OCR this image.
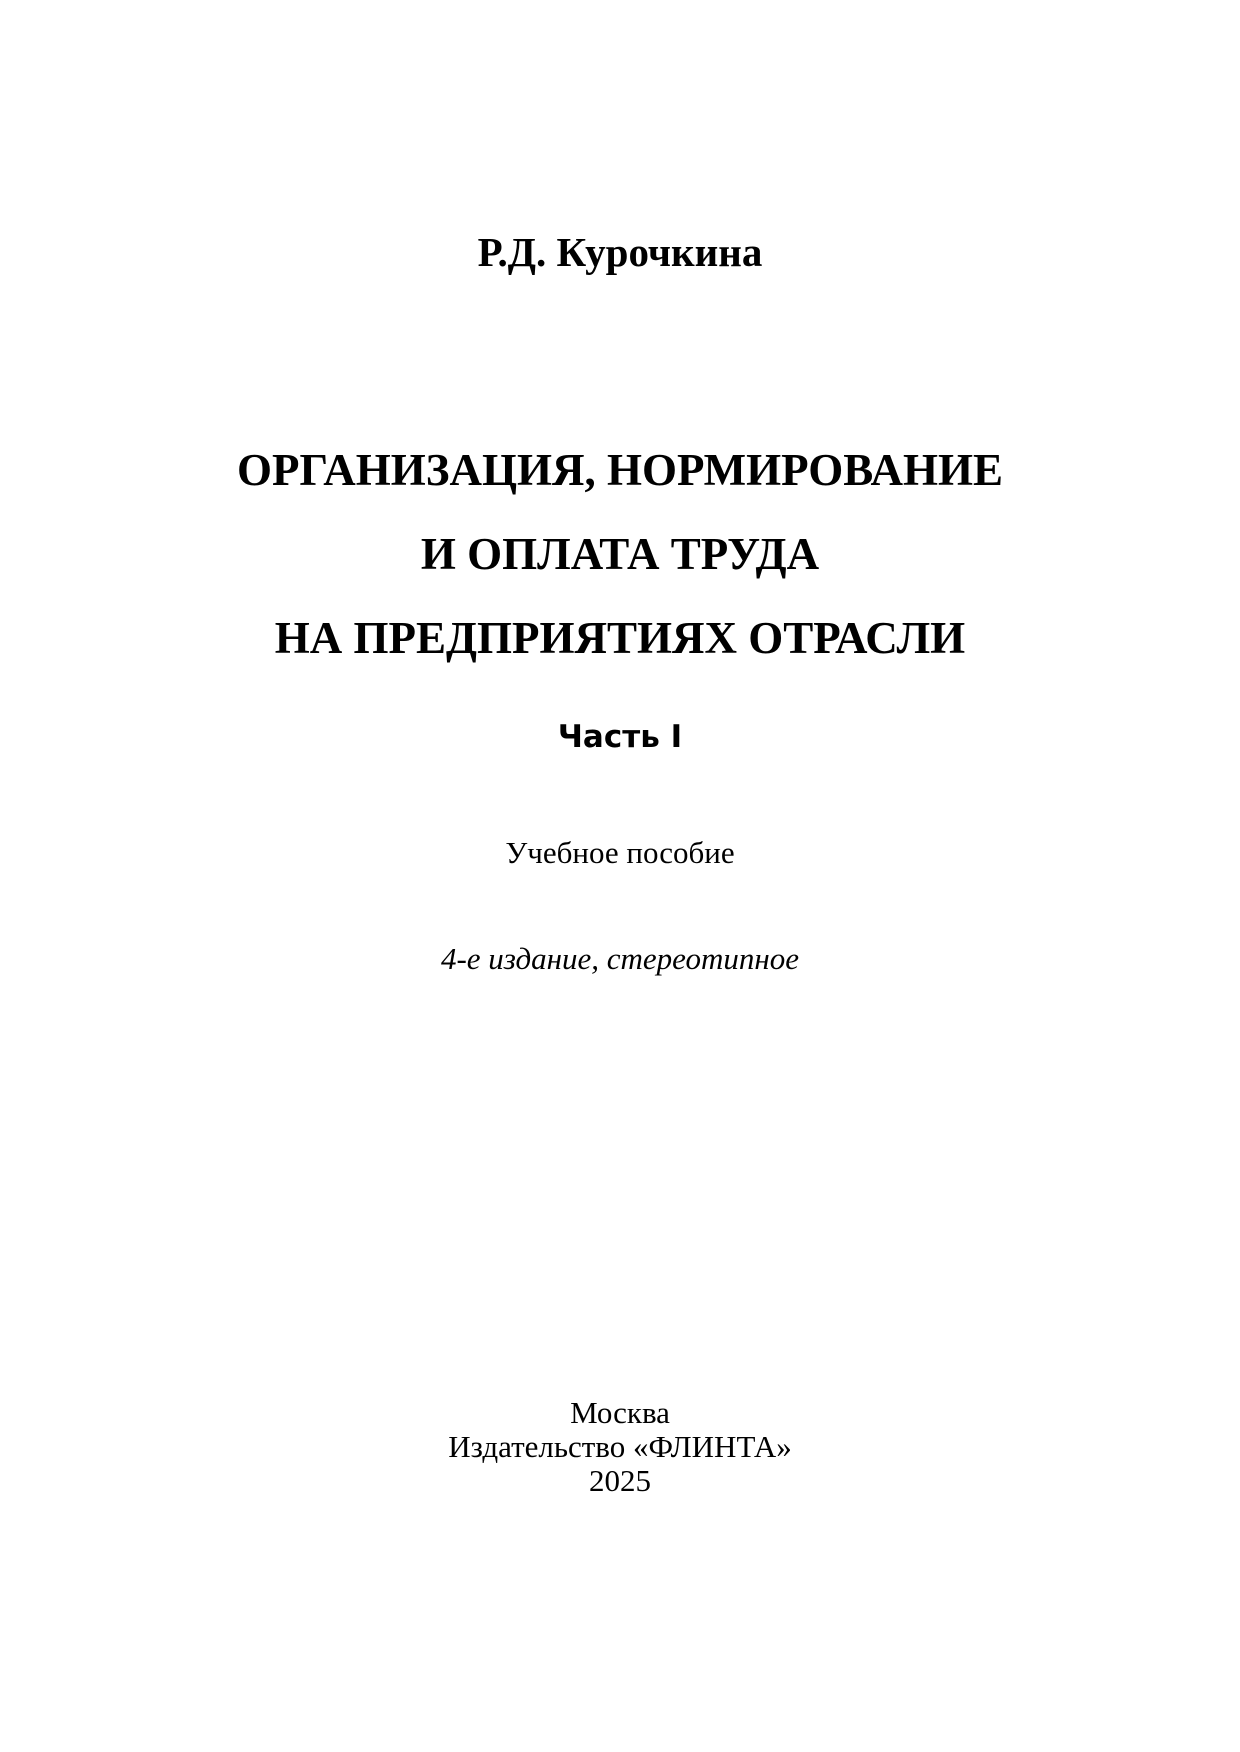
Р.Д. Курочкина
ОРГАНИЗАЦИЯ, НОРМИРОВАНИЕ
И ОПЛАТА ТРУДА
НА ПРЕДПРИЯТИЯХ ОТРАСЛИ
Часть I
Учебное пособие
4-е издание, стереотипное
Москва
Издательство «ФЛИНТА»
2025
